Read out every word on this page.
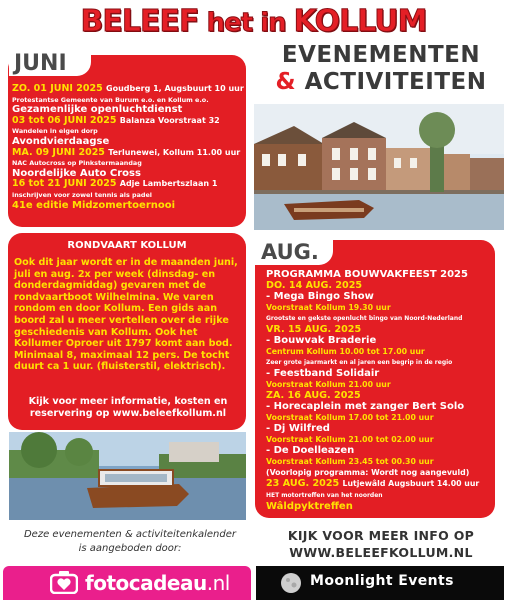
BELEEF het in KOLLUM
EVENEMENTEN
& ACTIVITEITEN
JUNI
ZO. 01 JUNI 2025 Goudberg 1, Augsbuurt 10 uur
Protestantse Gemeente van Burum e.o. en Kollum e.o.
Gezamenlijke openluchtdienst
03 tot 06 JUNI 2025 Balanza Voorstraat 32
Wandelen in eigen dorp
Avondvierdaagse
MA. 09 JUNI 2025 Terlunewei, Kollum 11.00 uur
NAC Autocross op Pinkstermaandag
Noordelijke Auto Cross
16 tot 21 JUNI 2025 Adje Lambertszlaan 1
inschrijven voor zowel tennis als padel
41e editie Midzomertoernooi
RONDVAART KOLLUM
Ook dit jaar wordt er in de maanden juni, juli en aug. 2x per week (dinsdag- en donderdagmiddag) gevaren met de rondvaartboot Wilhelmina. We varen rondom en door Kollum. Een gids aan boord zal u meer vertellen over de rijke geschiedenis van Kollum. Ook het Kollumer Oproer uit 1797 komt aan bod. Minimaal 8, maximaal 12 pers. De tocht duurt ca 1 uur. (fluisterstil, elektrisch).
Kijk voor meer informatie, kosten en
reservering op www.beleefkollum.nl
AUG.
PROGRAMMA BOUWVAKFEEST 2025
DO. 14 AUG. 2025
- Mega Bingo Show
Voorstraat Kollum 19.30 uur
Grootste en gekste openlucht bingo van Noord-Nederland
VR. 15 AUG. 2025
- Bouwvak Braderie
Centrum Kollum 10.00 tot 17.00 uur
Zeer grote jaarmarkt en al jaren een begrip in de regio
- Feestband Solidair
Voorstraat Kollum 21.00 uur
ZA. 16 AUG. 2025
- Horecaplein met zanger Bert Solo
Voorstraat Kollum 17.00 tot 21.00 uur
- Dj Wilfred
Voorstraat Kollum 21.00 tot 02.00 uur
- De Doelleazen
Voorstraat Kollum 23.45 tot 00.30 uur
(Voorlopig programma: Wordt nog aangevuld)
23 AUG. 2025 Lutjewâld Augsbuurt 14.00 uur
HET motortreffen van het noorden
Wâldpyktreffen
Deze evenementen & activiteitenkalender
is aangeboden door:
KIJK VOOR MEER INFO OP
WWW.BELEEFKOLLUM.NL
fotocadeau.nl	Moonlight Events
